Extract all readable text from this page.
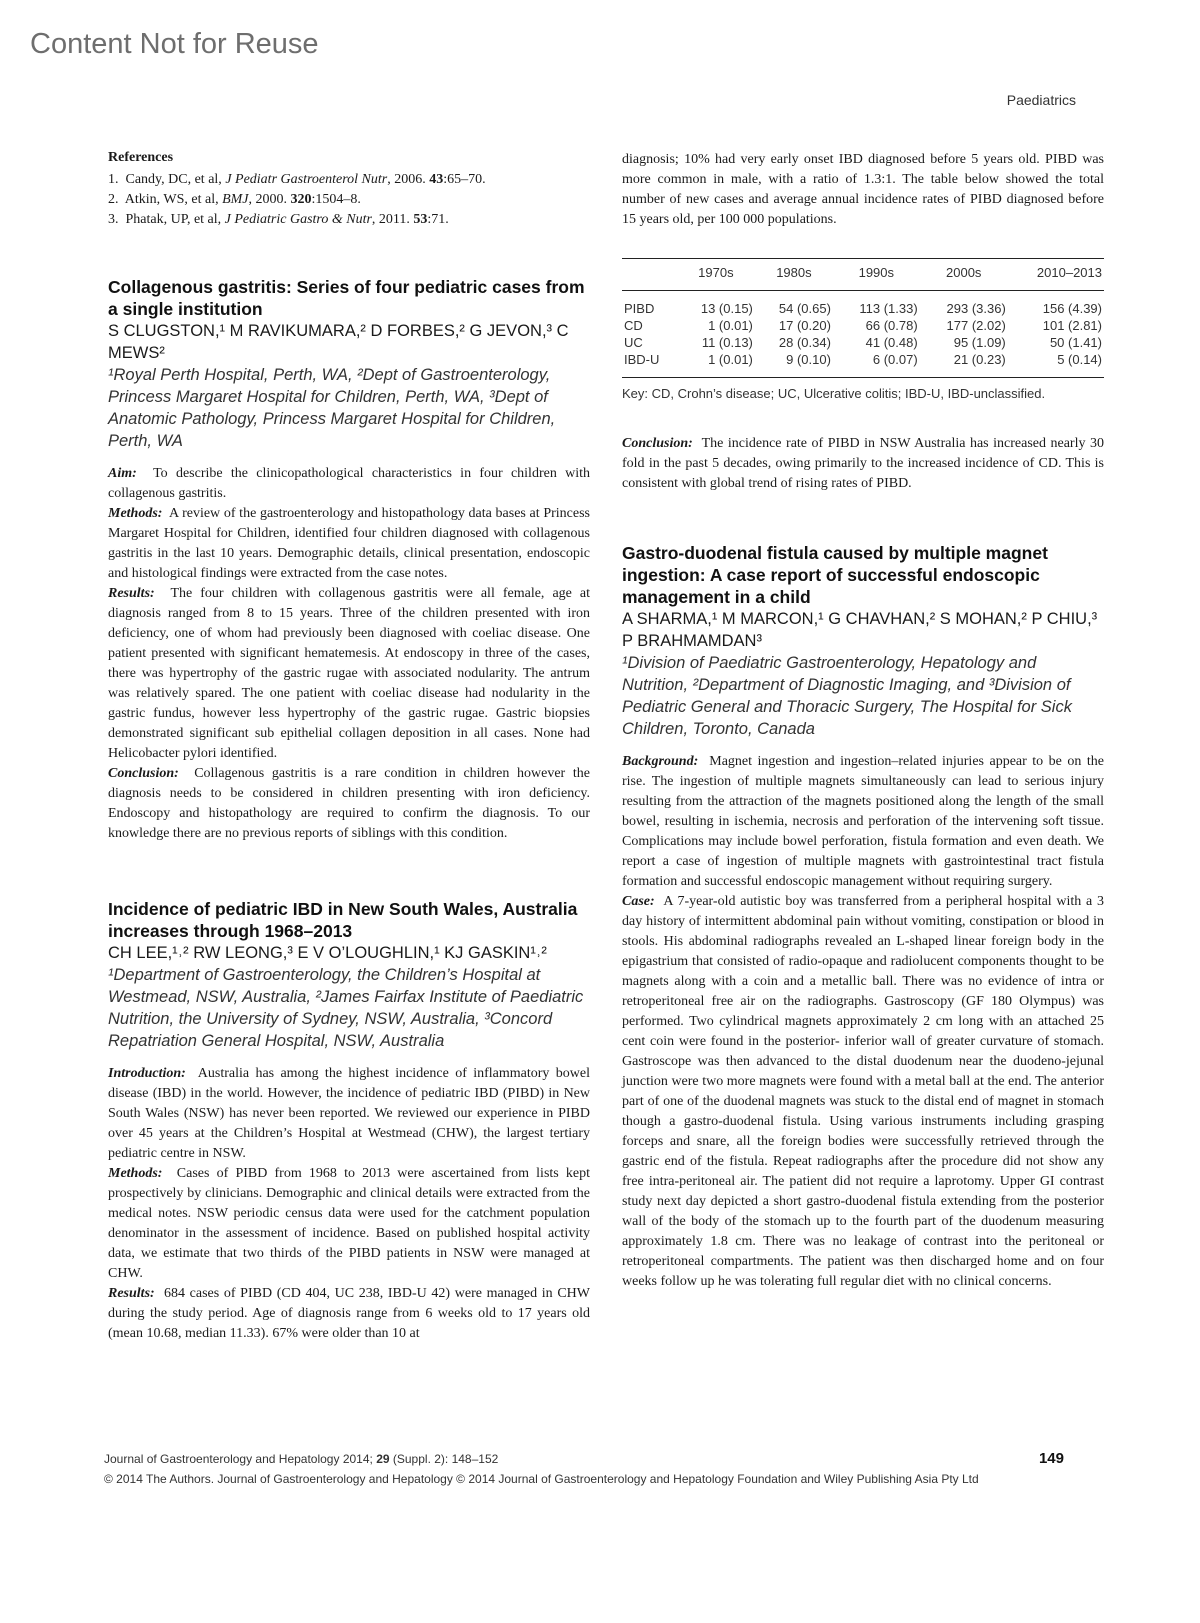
Content Not for Reuse
Paediatrics

References

1. Candy, DC, et al, J Pediatr Gastroenterol Nutr, 2006. 43:65–70.
2. Atkin, WS, et al, BMJ, 2000. 320:1504–8.
3. Phatak, UP, et al, J Pediatric Gastro & Nutr, 2011. 53:71.
Collagenous gastritis: Series of four pediatric cases from a single institution

S CLUGSTON,¹ M RAVIKUMARA,² D FORBES,² G JEVON,³ C MEWS²

¹Royal Perth Hospital, Perth, WA, ²Dept of Gastroenterology, Princess Margaret Hospital for Children, Perth, WA, ³Dept of Anatomic Pathology, Princess Margaret Hospital for Children, Perth, WA

Aim: To describe the clinicopathological characteristics in four children with collagenous gastritis.

Methods: A review of the gastroenterology and histopathology data bases at Princess Margaret Hospital for Children, identified four children diagnosed with collagenous gastritis in the last 10 years. Demographic details, clinical presentation, endoscopic and histological findings were extracted from the case notes.

Results: The four children with collagenous gastritis were all female, age at diagnosis ranged from 8 to 15 years. Three of the children presented with iron deficiency, one of whom had previously been diagnosed with coeliac disease. One patient presented with significant hematemesis. At endoscopy in three of the cases, there was hypertrophy of the gastric rugae with associated nodularity. The antrum was relatively spared. The one patient with coeliac disease had nodularity in the gastric fundus, however less hypertrophy of the gastric rugae. Gastric biopsies demonstrated significant sub epithelial collagen deposition in all cases. None had Helicobacter pylori identified.

Conclusion: Collagenous gastritis is a rare condition in children however the diagnosis needs to be considered in children presenting with iron deficiency. Endoscopy and histopathology are required to confirm the diagnosis. To our knowledge there are no previous reports of siblings with this condition.

Incidence of pediatric IBD in New South Wales, Australia increases through 1968–2013

CH LEE,¹˒² RW LEONG,³ E V O’LOUGHLIN,¹ KJ GASKIN¹˒²

¹Department of Gastroenterology, the Children’s Hospital at Westmead, NSW, Australia, ²James Fairfax Institute of Paediatric Nutrition, the University of Sydney, NSW, Australia, ³Concord Repatriation General Hospital, NSW, Australia

Introduction: Australia has among the highest incidence of inflammatory bowel disease (IBD) in the world. However, the incidence of pediatric IBD (PIBD) in New South Wales (NSW) has never been reported. We reviewed our experience in PIBD over 45 years at the Children’s Hospital at Westmead (CHW), the largest tertiary pediatric centre in NSW.

Methods: Cases of PIBD from 1968 to 2013 were ascertained from lists kept prospectively by clinicians. Demographic and clinical details were extracted from the medical notes. NSW periodic census data were used for the catchment population denominator in the assessment of incidence. Based on published hospital activity data, we estimate that two thirds of the PIBD patients in NSW were managed at CHW.

Results: 684 cases of PIBD (CD 404, UC 238, IBD-U 42) were managed in CHW during the study period. Age of diagnosis range from 6 weeks old to 17 years old (mean 10.68, median 11.33). 67% were older than 10 at

diagnosis; 10% had very early onset IBD diagnosed before 5 years old. PIBD was more common in male, with a ratio of 1.3:1. The table below showed the total number of new cases and average annual incidence rates of PIBD diagnosed before 15 years old, per 100 000 populations.

	1970s	1980s	1990s	2000s	2010–2013
PIBD	13 (0.15)	54 (0.65)	113 (1.33)	293 (3.36)	156 (4.39)
CD	1 (0.01)	17 (0.20)	66 (0.78)	177 (2.02)	101 (2.81)
UC	11 (0.13)	28 (0.34)	41 (0.48)	95 (1.09)	50 (1.41)
IBD-U	1 (0.01)	9 (0.10)	6 (0.07)	21 (0.23)	5 (0.14)

Key: CD, Crohn’s disease; UC, Ulcerative colitis; IBD-U, IBD-unclassified.

Conclusion: The incidence rate of PIBD in NSW Australia has increased nearly 30 fold in the past 5 decades, owing primarily to the increased incidence of CD. This is consistent with global trend of rising rates of PIBD.

Gastro-duodenal fistula caused by multiple magnet ingestion: A case report of successful endoscopic management in a child

A SHARMA,¹ M MARCON,¹ G CHAVHAN,² S MOHAN,² P CHIU,³ P BRAHMAMDAN³

¹Division of Paediatric Gastroenterology, Hepatology and Nutrition, ²Department of Diagnostic Imaging, and ³Division of Pediatric General and Thoracic Surgery, The Hospital for Sick Children, Toronto, Canada

Background: Magnet ingestion and ingestion–related injuries appear to be on the rise. The ingestion of multiple magnets simultaneously can lead to serious injury resulting from the attraction of the magnets positioned along the length of the small bowel, resulting in ischemia, necrosis and perforation of the intervening soft tissue. Complications may include bowel perforation, fistula formation and even death. We report a case of ingestion of multiple magnets with gastrointestinal tract fistula formation and successful endoscopic management without requiring surgery.

Case: A 7-year-old autistic boy was transferred from a peripheral hospital with a 3 day history of intermittent abdominal pain without vomiting, constipation or blood in stools. His abdominal radiographs revealed an L-shaped linear foreign body in the epigastrium that consisted of radio-opaque and radiolucent components thought to be magnets along with a coin and a metallic ball. There was no evidence of intra or retroperitoneal free air on the radiographs. Gastroscopy (GF 180 Olympus) was performed. Two cylindrical magnets approximately 2 cm long with an attached 25 cent coin were found in the posterior- inferior wall of greater curvature of stomach. Gastroscope was then advanced to the distal duodenum near the duodeno-jejunal junction were two more magnets were found with a metal ball at the end. The anterior part of one of the duodenal magnets was stuck to the distal end of magnet in stomach though a gastro-duodenal fistula. Using various instruments including grasping forceps and snare, all the foreign bodies were successfully retrieved through the gastric end of the fistula. Repeat radiographs after the procedure did not show any free intra-peritoneal air. The patient did not require a laprotomy. Upper GI contrast study next day depicted a short gastro-duodenal fistula extending from the posterior wall of the body of the stomach up to the fourth part of the duodenum measuring approximately 1.8 cm. There was no leakage of contrast into the peritoneal or retroperitoneal compartments. The patient was then discharged home and on four weeks follow up he was tolerating full regular diet with no clinical concerns.

Journal of Gastroenterology and Hepatology 2014; 29 (Suppl. 2): 148–152	149
© 2014 The Authors. Journal of Gastroenterology and Hepatology © 2014 Journal of Gastroenterology and Hepatology Foundation and Wiley Publishing Asia Pty Ltd
